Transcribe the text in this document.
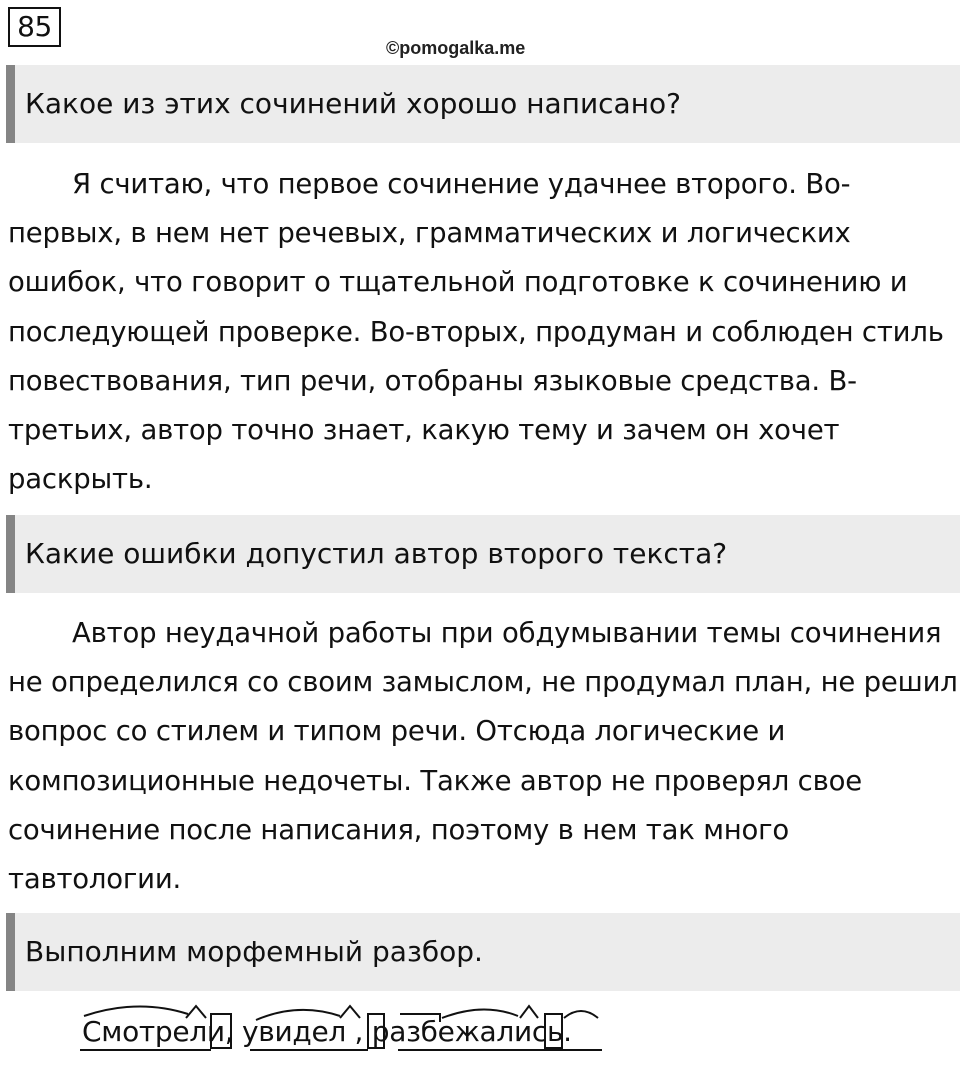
85
©pomogalka.me
Какое из этих сочинений хорошо написано?

Я считаю, что первое сочинение удачнее второго. Во-первых, в нем нет речевых, грамматических и логических ошибок, что говорит о тщательной подготовке к сочинению и последующей проверке. Во-вторых, продуман и соблюден стиль повествования, тип речи, отобраны языковые средства. В-третьих, автор точно знает, какую тему и зачем он хочет раскрыть.

Какие ошибки допустил автор второго текста?

Автор неудачной работы при обдумывании темы сочинения не определился со своим замыслом, не продумал план, не решил вопрос со стилем и типом речи. Отсюда логические и композиционные недочеты. Также автор не проверял свое сочинение после написания, поэтому в нем так много тавтологии.

Выполним морфемный разбор.
Смотрели, увидел , разбежались.
